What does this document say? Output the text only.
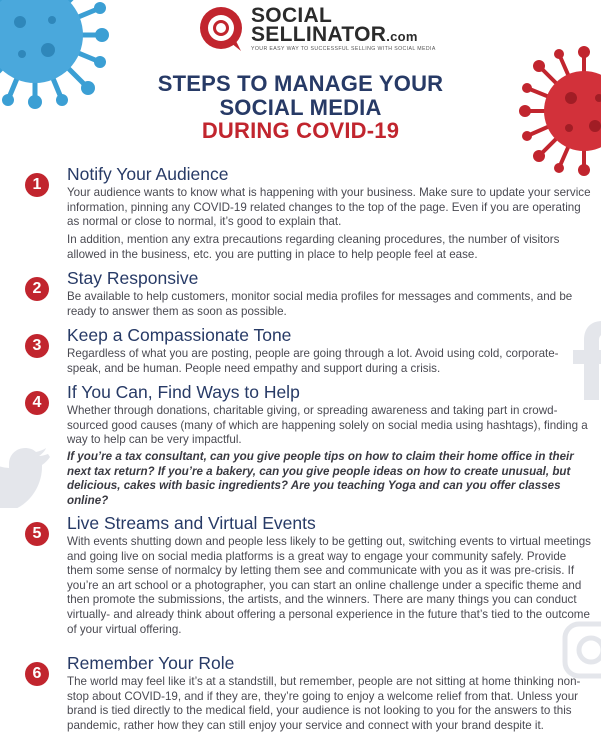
SOCIAL
SELLINATOR.com
YOUR EASY WAY TO SUCCESSFUL SELLING WITH SOCIAL MEDIA
STEPS TO MANAGE YOUR
SOCIAL MEDIA
DURING COVID-19
1
Notify Your Audience

Your audience wants to know what is happening with your business. Make sure to update your service information, pinning any COVID-19 related changes to the top of the page. Even if you are operating as normal or close to normal, it’s good to explain that.

In addition, mention any extra precautions regarding cleaning procedures, the number of visitors allowed in the business, etc. you are putting in place to help people feel at ease.

2
Stay Responsive

Be available to help customers, monitor social media profiles for messages and comments, and be ready to answer them as soon as possible.

3
Keep a Compassionate Tone

Regardless of what you are posting, people are going through a lot. Avoid using cold, corporate-speak, and be human. People need empathy and support during a crisis.

4
If You Can, Find Ways to Help

Whether through donations, charitable giving, or spreading awareness and taking part in crowd-sourced good causes (many of which are happening solely on social media using hashtags), finding a way to help can be very impactful.

If you’re a tax consultant, can you give people tips on how to claim their home office in their next tax return? If you’re a bakery, can you give people ideas on how to create unusual, but delicious, cakes with basic ingredients? Are you teaching Yoga and can you offer classes online?

5
Live Streams and Virtual Events

With events shutting down and people less likely to be getting out, switching events to virtual meetings and going live on social media platforms is a great way to engage your community safely. Provide them some sense of normalcy by letting them see and communicate with you as it was pre-crisis. If you’re an art school or a photographer, you can start an online challenge under a specific theme and then promote the submissions, the artists, and the winners. There are many things you can conduct virtually- and already think about offering a personal experience in the future that’s tied to the outcome of your virtual offering.

6
Remember Your Role

The world may feel like it’s at a standstill, but remember, people are not sitting at home thinking non-stop about COVID-19, and if they are, they’re going to enjoy a welcome relief from that. Unless your brand is tied directly to the medical field, your audience is not looking to you for the answers to this pandemic, rather how they can still enjoy your service and connect with your brand despite it.
